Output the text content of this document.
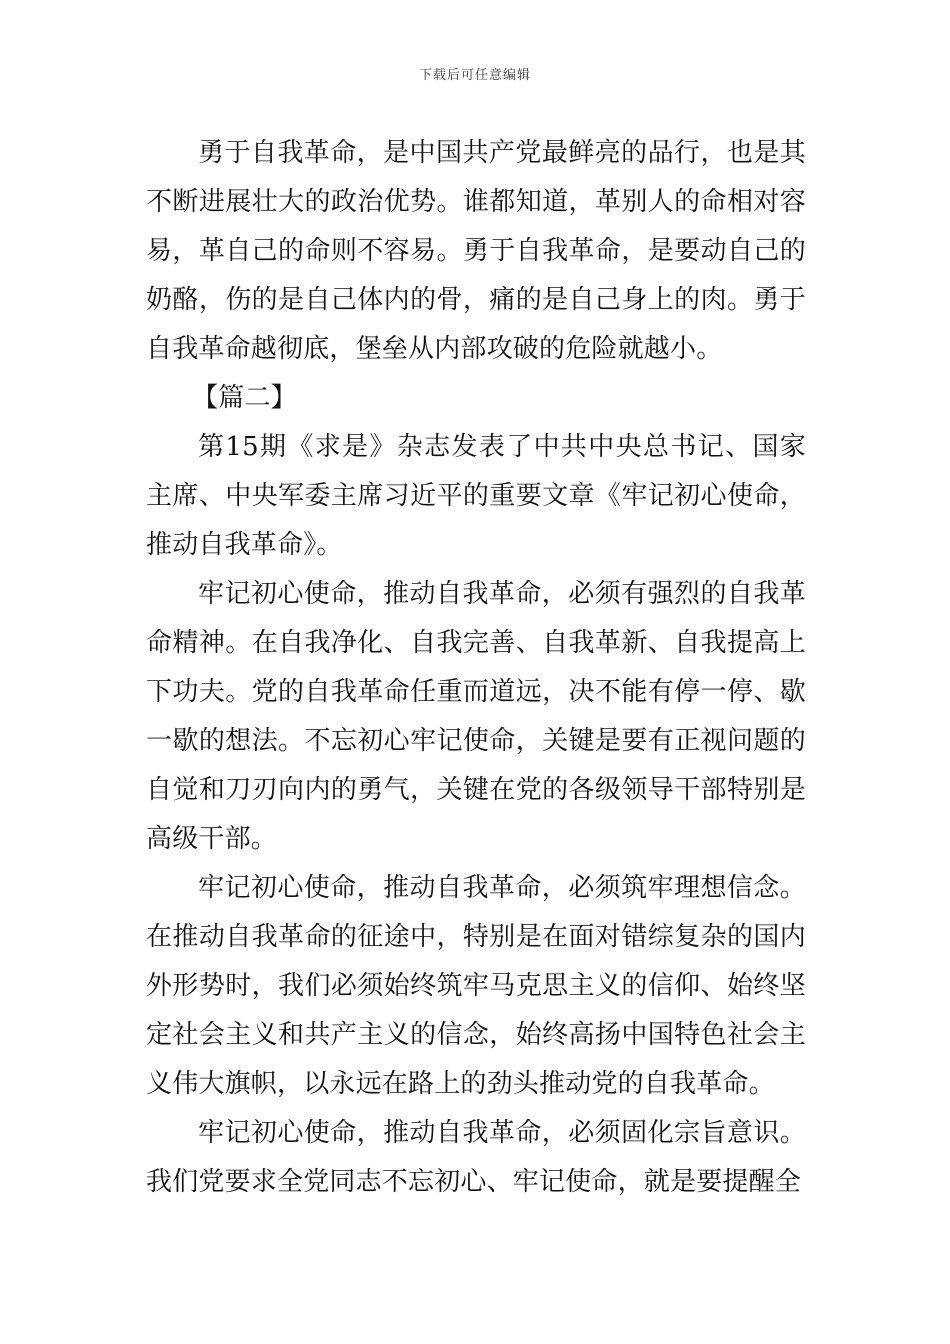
下载后可任意编辑

勇于自我革命，是中国共产党最鲜亮的品行，也是其不断进展壮大的政治优势。谁都知道，革别人的命相对容易，革自己的命则不容易。勇于自我革命，是要动自己的奶酪，伤的是自己体内的骨，痛的是自己身上的肉。勇于自我革命越彻底，堡垒从内部攻破的危险就越小。

【篇二】

第15期《求是》杂志发表了中共中央总书记、国家主席、中央军委主席习近平的重要文章《牢记初心使命，推动自我革命》。

牢记初心使命，推动自我革命，必须有强烈的自我革命精神。在自我净化、自我完善、自我革新、自我提高上下功夫。党的自我革命任重而道远，决不能有停一停、歇一歇的想法。不忘初心牢记使命，关键是要有正视问题的自觉和刀刃向内的勇气，关键在党的各级领导干部特别是高级干部。

牢记初心使命，推动自我革命，必须筑牢理想信念。在推动自我革命的征途中，特别是在面对错综复杂的国内外形势时，我们必须始终筑牢马克思主义的信仰、始终坚定社会主义和共产主义的信念，始终高扬中国特色社会主义伟大旗帜，以永远在路上的劲头推动党的自我革命。

牢记初心使命，推动自我革命，必须固化宗旨意识。我们党要求全党同志不忘初心、牢记使命，就是要提醒全
